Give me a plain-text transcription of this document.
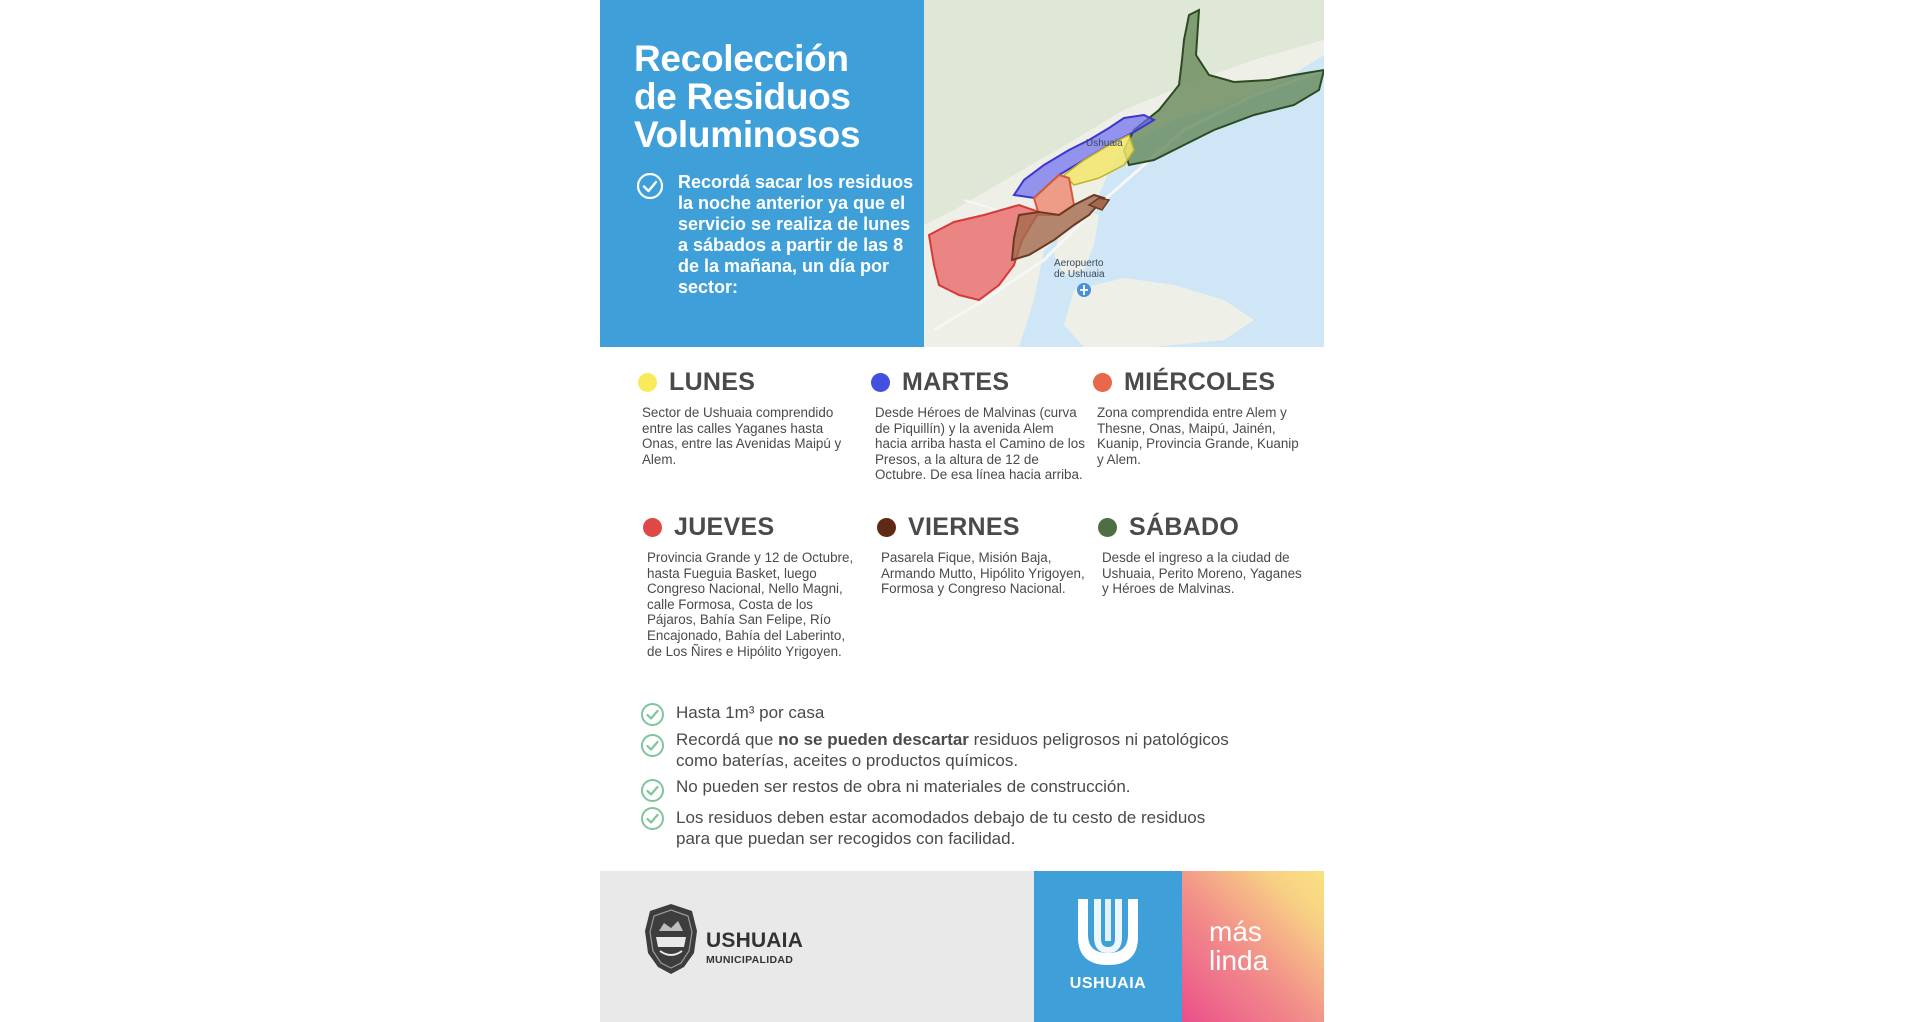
Recolección
de Residuos
Voluminosos

Recordá sacar los residuos la noche anterior ya que el servicio se realiza de lunes a sábados a partir de las 8 de la mañana, un día por sector:

Ushuaia
Aeropuerto
de Ushuaia
LUNES

Sector de Ushuaia comprendido entre las calles Yaganes hasta Onas, entre las Avenidas Maipú y Alem.

MARTES

Desde Héroes de Malvinas (curva de Piquillín) y la avenida Alem hacia arriba hasta el Camino de los Presos, a la altura de 12 de Octubre. De esa línea hacia arriba.

MIÉRCOLES

Zona comprendida entre Alem y Thesne, Onas, Maipú, Jainén, Kuanip, Provincia Grande, Kuanip y Alem.

JUEVES

Provincia Grande y 12 de Octubre, hasta Fueguia Basket, luego Congreso Nacional, Nello Magni, calle Formosa, Costa de los Pájaros, Bahía San Felipe, Río Encajonado, Bahía del Laberinto, de Los Ñires e Hipólito Yrigoyen.

VIERNES

Pasarela Fique, Misión Baja, Armando Mutto, Hipólito Yrigoyen, Formosa y Congreso Nacional.

SÁBADO

Desde el ingreso a la ciudad de Ushuaia, Perito Moreno, Yaganes y Héroes de Malvinas.

Hasta 1m³ por casa
Recordá que no se pueden descartar residuos peligrosos ni patológicos como baterías, aceites o productos químicos.
No pueden ser restos de obra ni materiales de construcción.
Los residuos deben estar acomodados debajo de tu cesto de residuos para que puedan ser recogidos con facilidad.
USHUAIA
MUNICIPALIDAD
USHUAIA

más
linda
